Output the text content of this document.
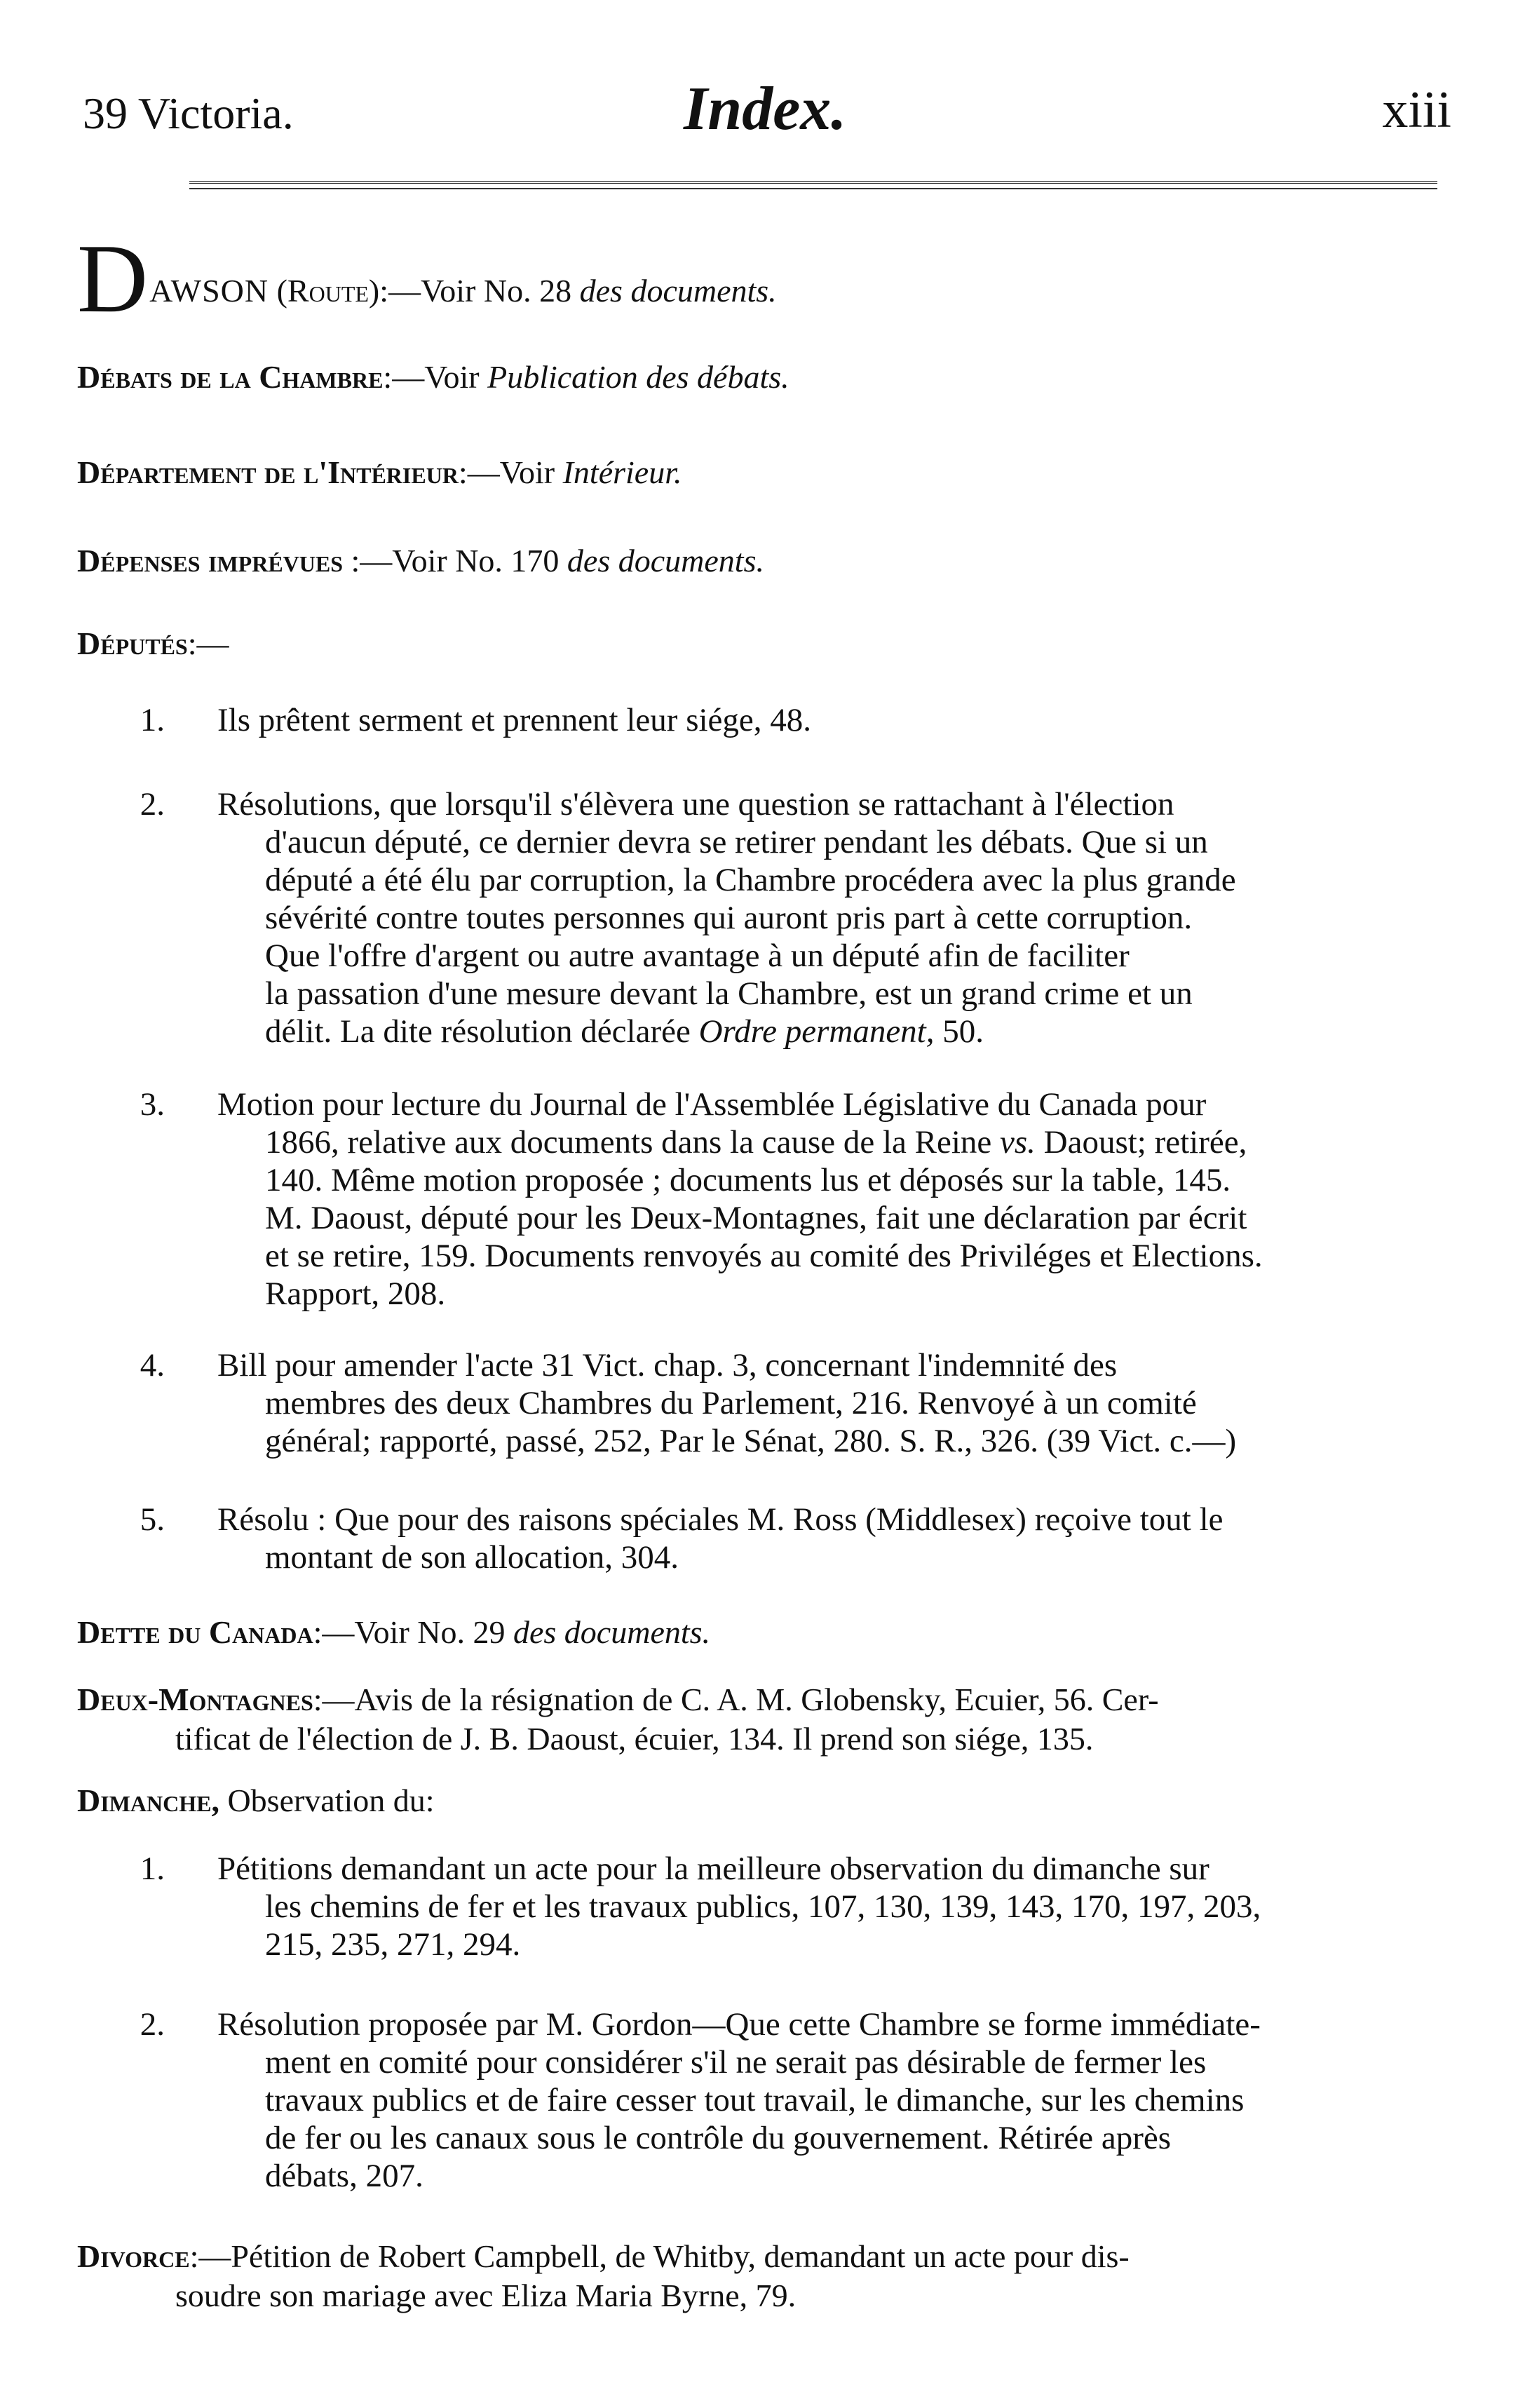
39 Victoria.	Index.	xiii
DAWSON (Route):—Voir No. 28 des documents.
Débats de la Chambre:—Voir Publication des débats.
Département de l'Intérieur:—Voir Intérieur.
Dépenses imprévues :—Voir No. 170 des documents.
Députés:—
1. Ils prêtent serment et prennent leur siége, 48.
2. Résolutions, que lorsqu'il s'élèvera une question se rattachant à l'élection
d'aucun député, ce dernier devra se retirer pendant les débats. Que si un
député a été élu par corruption, la Chambre procédera avec la plus grande
sévérité contre toutes personnes qui auront pris part à cette corruption.
Que l'offre d'argent ou autre avantage à un député afin de faciliter
la passation d'une mesure devant la Chambre, est un grand crime et un
délit. La dite résolution déclarée Ordre permanent, 50.
3. Motion pour lecture du Journal de l'Assemblée Législative du Canada pour
1866, relative aux documents dans la cause de la Reine vs. Daoust; retirée,
140. Même motion proposée ; documents lus et déposés sur la table, 145.
M. Daoust, député pour les Deux-Montagnes, fait une déclaration par écrit
et se retire, 159. Documents renvoyés au comité des Priviléges et Elections.
Rapport, 208.
4. Bill pour amender l'acte 31 Vict. chap. 3, concernant l'indemnité des
membres des deux Chambres du Parlement, 216. Renvoyé à un comité
général; rapporté, passé, 252, Par le Sénat, 280. S. R., 326. (39 Vict. c.—)
5. Résolu : Que pour des raisons spéciales M. Ross (Middlesex) reçoive tout le
montant de son allocation, 304.
Dette du Canada:—Voir No. 29 des documents.
Deux-Montagnes:—Avis de la résignation de C. A. M. Globensky, Ecuier, 56. Cer-
tificat de l'élection de J. B. Daoust, écuier, 134. Il prend son siége, 135.
Dimanche, Observation du:
1. Pétitions demandant un acte pour la meilleure observation du dimanche sur
les chemins de fer et les travaux publics, 107, 130, 139, 143, 170, 197, 203,
215, 235, 271, 294.
2. Résolution proposée par M. Gordon—Que cette Chambre se forme immédiate-
ment en comité pour considérer s'il ne serait pas désirable de fermer les
travaux publics et de faire cesser tout travail, le dimanche, sur les chemins
de fer ou les canaux sous le contrôle du gouvernement. Rétirée après
débats, 207.
Divorce:—Pétition de Robert Campbell, de Whitby, demandant un acte pour dis-
soudre son mariage avec Eliza Maria Byrne, 79.
